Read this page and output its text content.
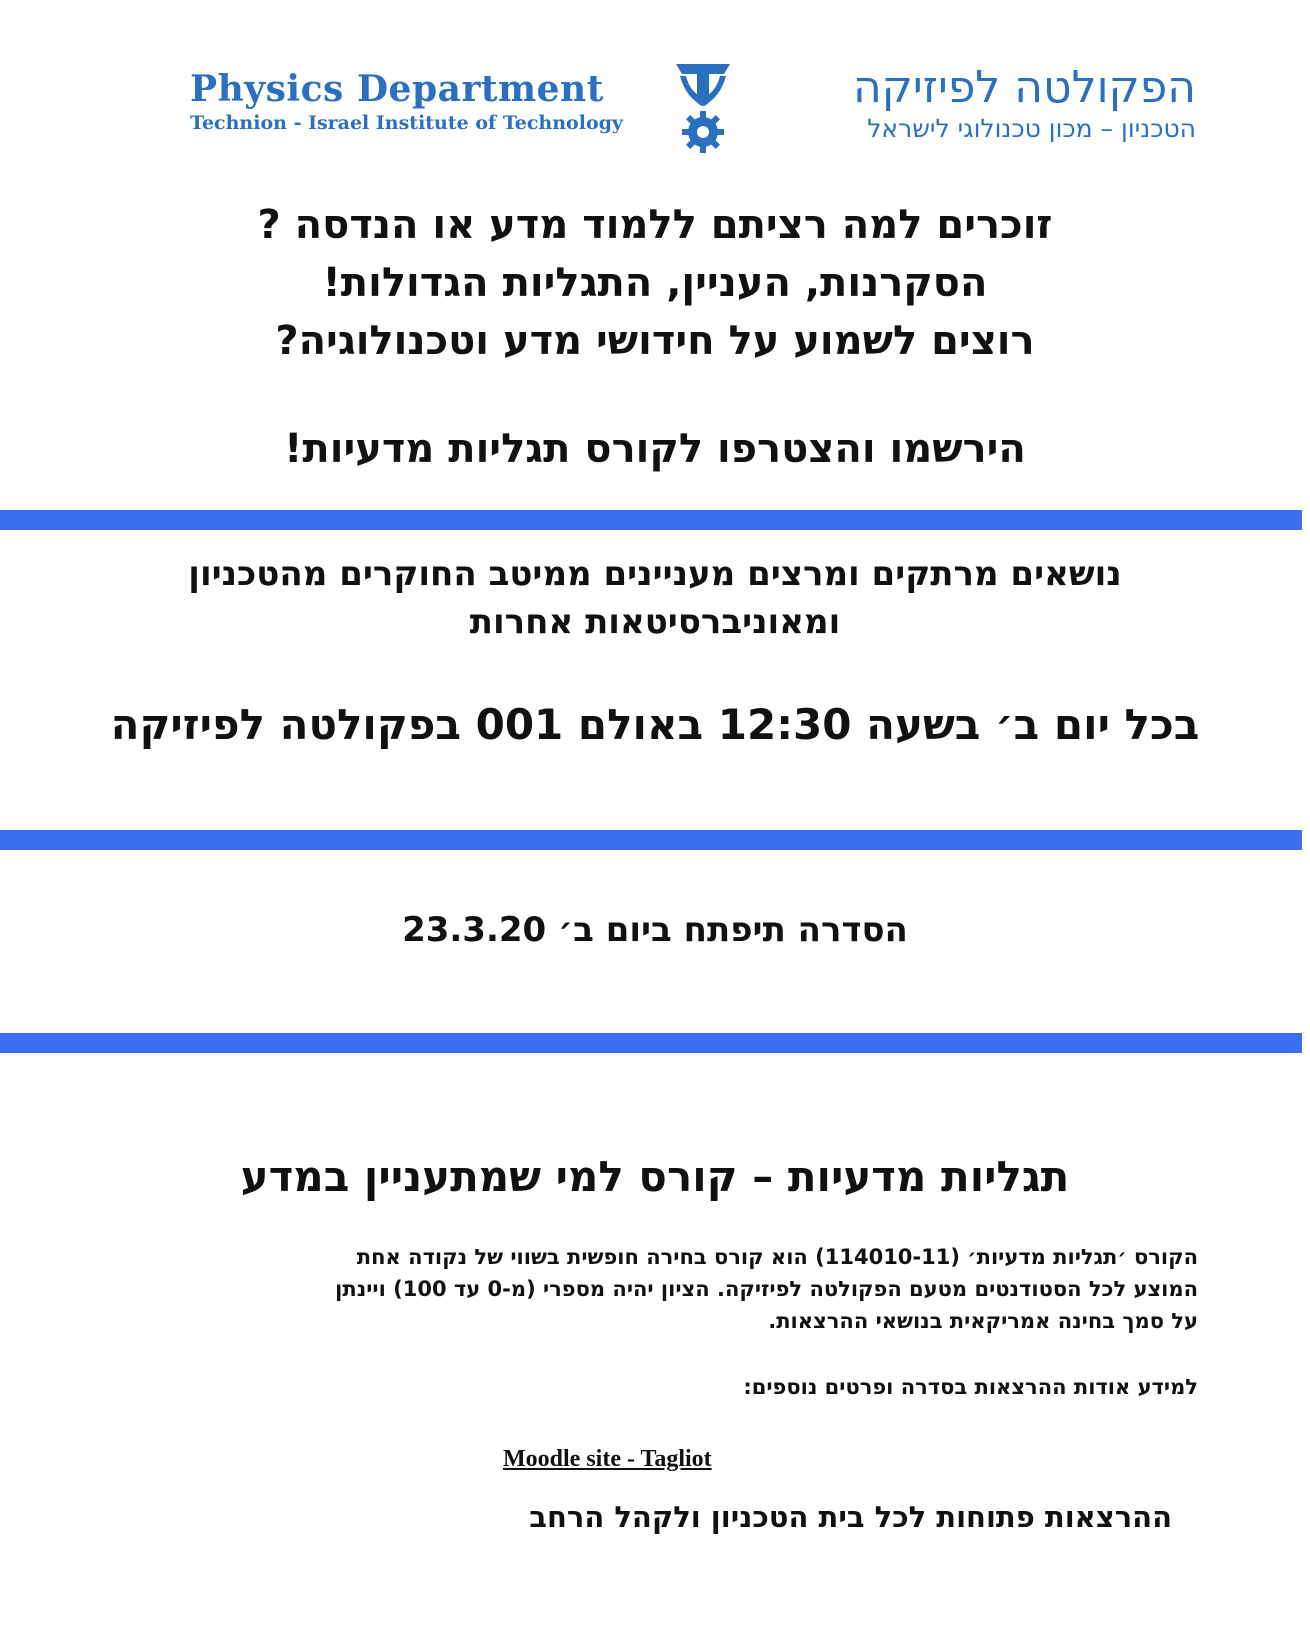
Physics Department
Technion - Israel Institute of Technology
הפקולטה לפיזיקה
הטכניון – מכון טכנולוגי לישראל
זוכרים למה רציתם ללמוד מדע או הנדסה ?
הסקרנות, העניין, התגליות הגדולות!
רוצים לשמוע על חידושי מדע וטכנולוגיה?
הירשמו והצטרפו לקורס תגליות מדעיות!
נושאים מרתקים ומרצים מעניינים ממיטב החוקרים מהטכניון
ומאוניברסיטאות אחרות
בכל יום ב׳ בשעה 12:30 באולם 001 בפקולטה לפיזיקה
הסדרה תיפתח ביום ב׳ 23.3.20
תגליות מדעיות – קורס למי שמתעניין במדע
הקורס ׳תגליות מדעיות׳ (114010-11) הוא קורס בחירה חופשית בשווי של נקודה אחת
המוצע לכל הסטודנטים מטעם הפקולטה לפיזיקה. הציון יהיה מספרי (מ-0 עד 100) ויינתן
על סמך בחינה אמריקאית בנושאי ההרצאות.
למידע אודות ההרצאות בסדרה ופרטים נוספים:
Moodle site - Tagliot
ההרצאות פתוחות לכל בית הטכניון ולקהל הרחב
